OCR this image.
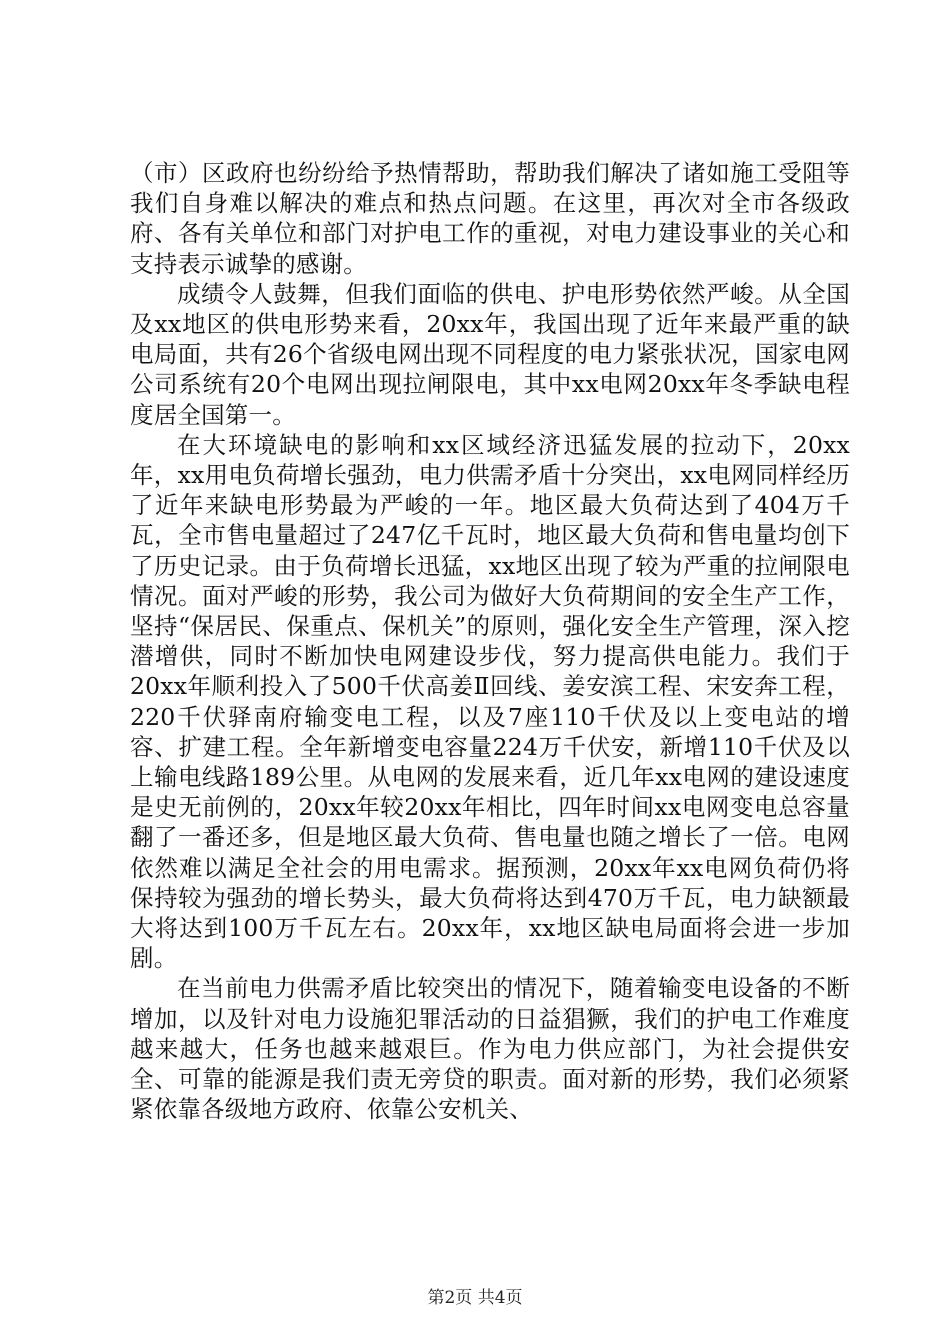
（市）区政府也纷纷给予热情帮助，帮助我们解决了诸如施工受阻等我们自身难以解决的难点和热点问题。在这里，再次对全市各级政府、各有关单位和部门对护电工作的重视，对电力建设事业的关心和支持表示诚挚的感谢。

成绩令人鼓舞，但我们面临的供电、护电形势依然严峻。从全国及xx地区的供电形势来看，20xx年，我国出现了近年来最严重的缺电局面，共有26个省级电网出现不同程度的电力紧张状况，国家电网公司系统有20个电网出现拉闸限电，其中xx电网20xx年冬季缺电程度居全国第一。

在大环境缺电的影响和xx区域经济迅猛发展的拉动下，20xx年，xx用电负荷增长强劲，电力供需矛盾十分突出，xx电网同样经历了近年来缺电形势最为严峻的一年。地区最大负荷达到了404万千瓦，全市售电量超过了247亿千瓦时，地区最大负荷和售电量均创下了历史记录。由于负荷增长迅猛，xx地区出现了较为严重的拉闸限电情况。面对严峻的形势，我公司为做好大负荷期间的安全生产工作，坚持“保居民、保重点、保机关”的原则，强化安全生产管理，深入挖潜增供，同时不断加快电网建设步伐，努力提高供电能力。我们于20xx年顺利投入了500千伏高姜Ⅱ回线、姜安滨工程、宋安奔工程，220千伏驿南府输变电工程，以及7座110千伏及以上变电站的增容、扩建工程。全年新增变电容量224万千伏安，新增110千伏及以上输电线路189公里。从电网的发展来看，近几年xx电网的建设速度是史无前例的，20xx年较20xx年相比，四年时间xx电网变电总容量翻了一番还多，但是地区最大负荷、售电量也随之增长了一倍。电网依然难以满足全社会的用电需求。据预测，20xx年xx电网负荷仍将保持较为强劲的增长势头，最大负荷将达到470万千瓦，电力缺额最大将达到100万千瓦左右。20xx年，xx地区缺电局面将会进一步加剧。

在当前电力供需矛盾比较突出的情况下，随着输变电设备的不断增加，以及针对电力设施犯罪活动的日益猖獗，我们的护电工作难度越来越大，任务也越来越艰巨。作为电力供应部门，为社会提供安全、可靠的能源是我们责无旁贷的职责。面对新的形势，我们必须紧紧依靠各级地方政府、依靠公安机关、

第2页 共4页
